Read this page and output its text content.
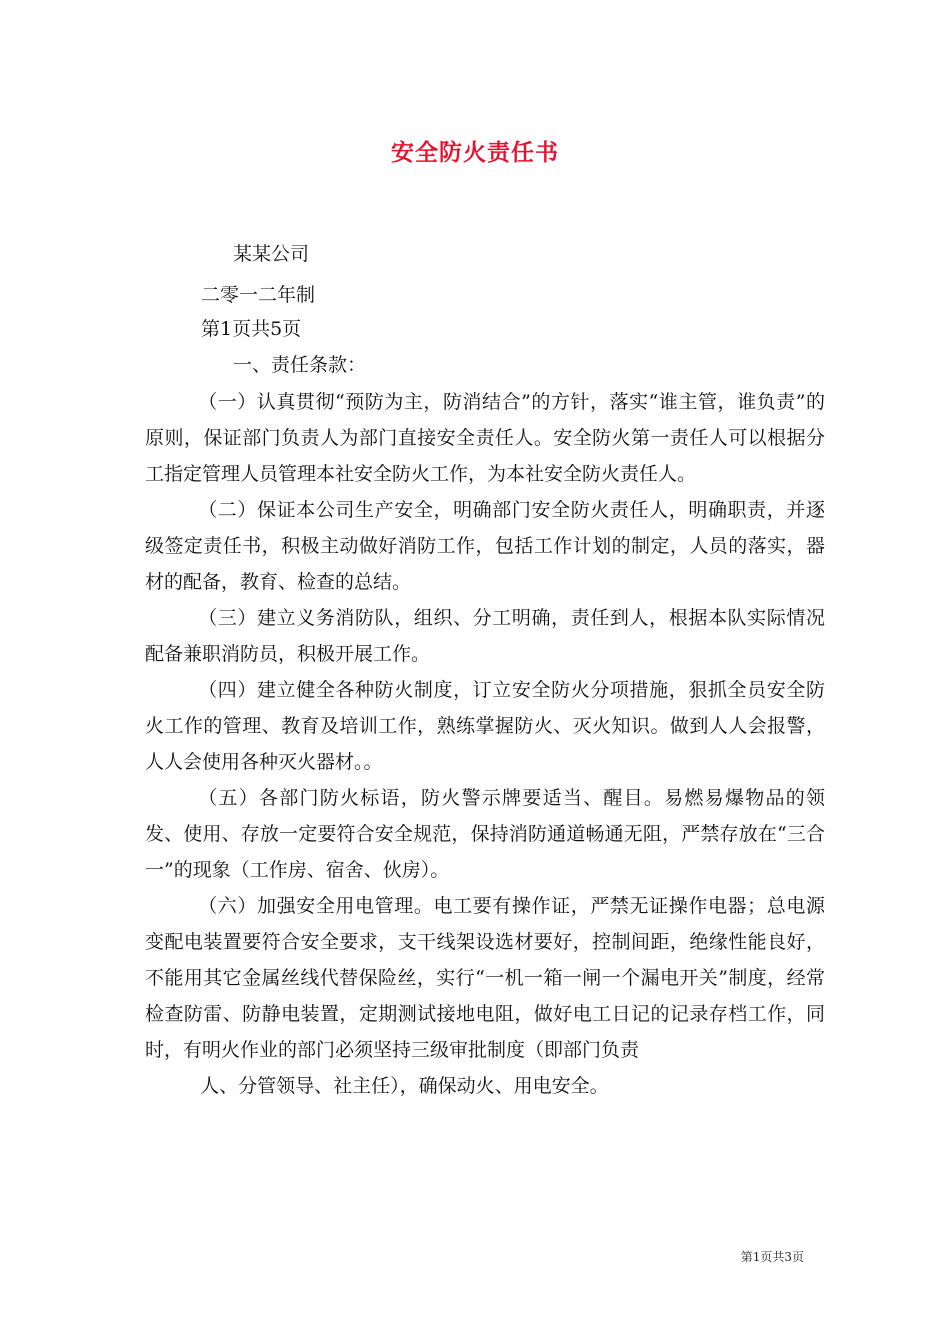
安全防火责任书

某某公司

二零一二年制

第1页共5页

一、责任条款：

（一）认真贯彻“预防为主，防消结合”的方针，落实“谁主管，谁负责”的原则，保证部门负责人为部门直接安全责任人。安全防火第一责任人可以根据分工指定管理人员管理本社安全防火工作，为本社安全防火责任人。

（二）保证本公司生产安全，明确部门安全防火责任人，明确职责，并逐级签定责任书，积极主动做好消防工作，包括工作计划的制定，人员的落实，器材的配备，教育、检查的总结。

（三）建立义务消防队，组织、分工明确，责任到人，根据本队实际情况配备兼职消防员，积极开展工作。

（四）建立健全各种防火制度，订立安全防火分项措施，狠抓全员安全防火工作的管理、教育及培训工作，熟练掌握防火、灭火知识。做到人人会报警，人人会使用各种灭火器材。。

（五）各部门防火标语，防火警示牌要适当、醒目。易燃易爆物品的领发、使用、存放一定要符合安全规范，保持消防通道畅通无阻，严禁存放在“三合一”的现象（工作房、宿舍、伙房）。

（六）加强安全用电管理。电工要有操作证，严禁无证操作电器；总电源变配电装置要符合安全要求，支干线架设选材要好，控制间距，绝缘性能良好，不能用其它金属丝线代替保险丝，实行“一机一箱一闸一个漏电开关”制度，经常检查防雷、防静电装置，定期测试接地电阻，做好电工日记的记录存档工作，同时，有明火作业的部门必须坚持三级审批制度（即部门负责

人、分管领导、社主任），确保动火、用电安全。

第1页共3页
